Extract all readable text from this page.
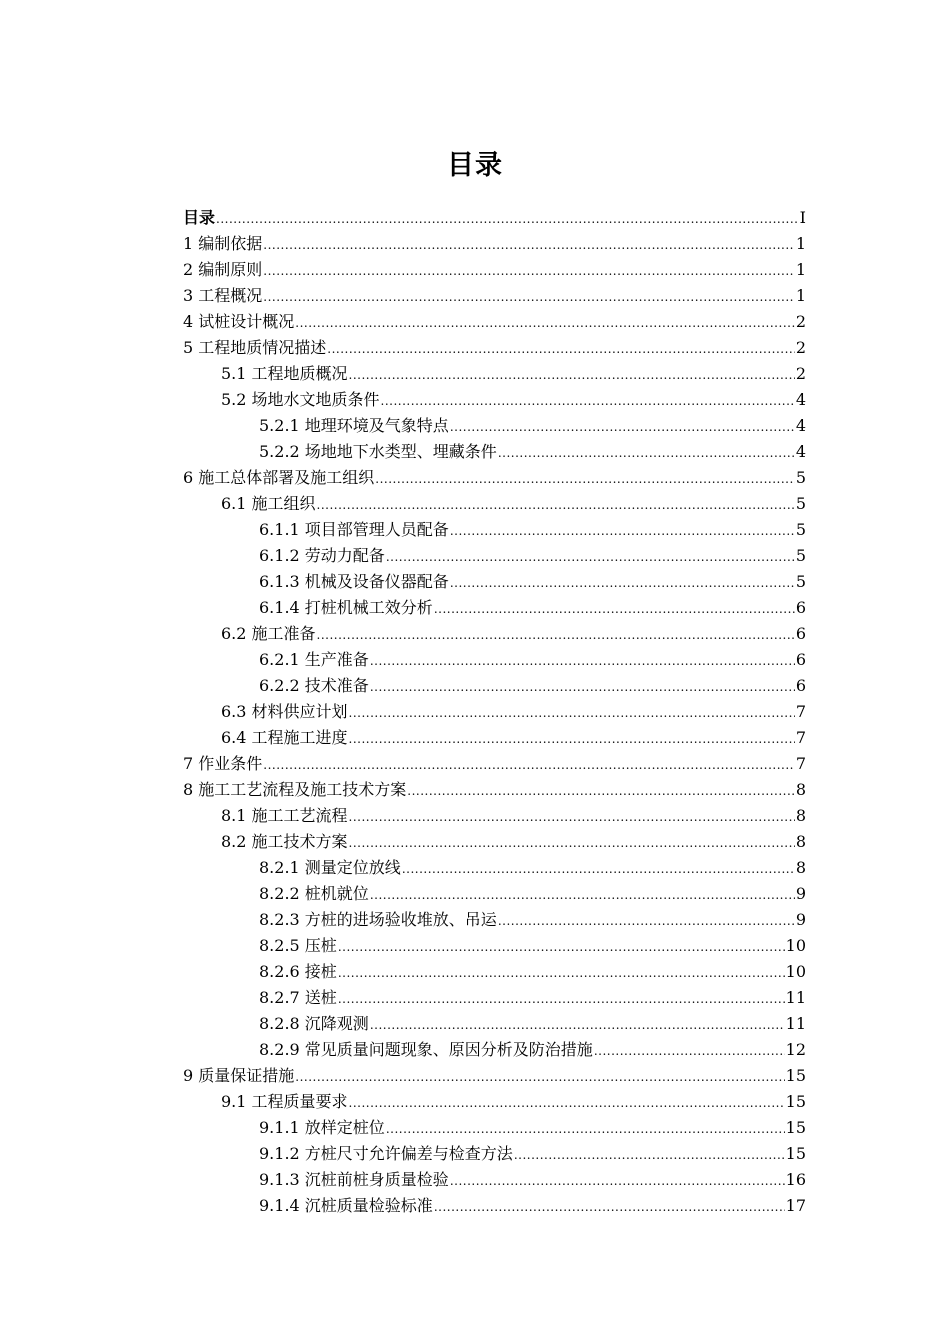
目录
目录 .....	I
1 编制依据 .....	1
2 编制原则 .....	1
3 工程概况 .....	1
4 试桩设计概况 .....	2
5 工程地质情况描述 .....	2
5.1 工程地质概况 .....	2
5.2 场地水文地质条件 .....	4
5.2.1 地理环境及气象特点 .....	4
5.2.2 场地地下水类型、埋藏条件 .....	4
6 施工总体部署及施工组织 .....	5
6.1 施工组织 .....	5
6.1.1 项目部管理人员配备 .....	5
6.1.2 劳动力配备 .....	5
6.1.3 机械及设备仪器配备 .....	5
6.1.4 打桩机械工效分析 .....	6
6.2 施工准备 .....	6
6.2.1 生产准备 .....	6
6.2.2 技术准备 .....	6
6.3 材料供应计划 .....	7
6.4 工程施工进度 .....	7
7 作业条件 .....	7
8 施工工艺流程及施工技术方案 .....	8
8.1 施工工艺流程 .....	8
8.2 施工技术方案 .....	8
8.2.1 测量定位放线 .....	8
8.2.2 桩机就位 .....	9
8.2.3 方桩的进场验收堆放、吊运 .....	9
8.2.5 压桩 .....	10
8.2.6 接桩 .....	10
8.2.7 送桩 .....	11
8.2.8 沉降观测 .....	11
8.2.9 常见质量问题现象、原因分析及防治措施 .....	12
9 质量保证措施 .....	15
9.1 工程质量要求 .....	15
9.1.1 放样定桩位 .....	15
9.1.2 方桩尺寸允许偏差与检查方法 .....	15
9.1.3 沉桩前桩身质量检验 .....	16
9.1.4 沉桩质量检验标准 .....	17
